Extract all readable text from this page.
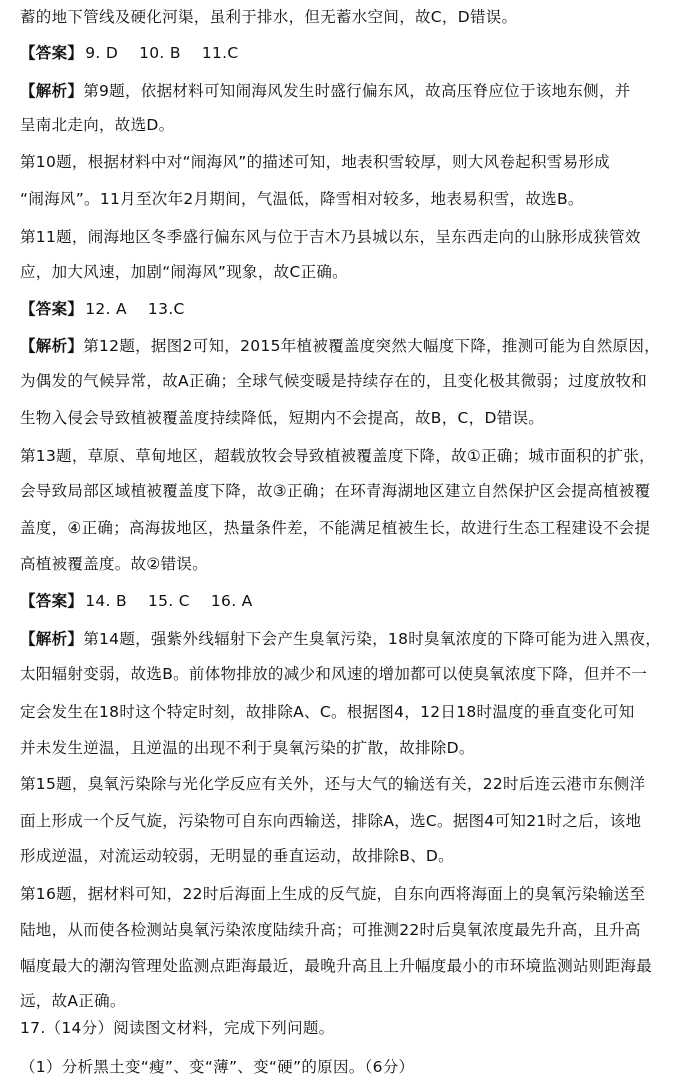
蓄的地下管线及硬化河渠，虽利于排水，但无蓄水空间，故C，D错误。
【答案】 9. D　 10. B　 11.C
【解析】第9题，依据材料可知闹海风发生时盛行偏东风，故高压脊应位于该地东侧，并
呈南北走向，故选D。
第10题，根据材料中对“闹海风”的描述可知，地表积雪较厚，则大风卷起积雪易形成
“闹海风”。11月至次年2月期间，气温低，降雪相对较多，地表易积雪，故选B。
第11题，闹海地区冬季盛行偏东风与位于吉木乃县城以东，呈东西走向的山脉形成狭管效
应，加大风速，加剧“闹海风”现象，故C正确。
【答案】 12. A　 13.C
【解析】第12题，据图2可知，2015年植被覆盖度突然大幅度下降，推测可能为自然原因，
为偶发的气候异常，故A正确；全球气候变暖是持续存在的，且变化极其微弱；过度放牧和
生物入侵会导致植被覆盖度持续降低，短期内不会提高，故B，C，D错误。
第13题，草原、草甸地区，超载放牧会导致植被覆盖度下降，故①正确；城市面积的扩张，
会导致局部区域植被覆盖度下降，故③正确；在环青海湖地区建立自然保护区会提高植被覆
盖度，④正确；高海拔地区，热量条件差，不能满足植被生长，故进行生态工程建设不会提
高植被覆盖度。故②错误。
【答案】 14. B　 15. C　 16. A
【解析】第14题，强紫外线辐射下会产生臭氧污染，18时臭氧浓度的下降可能为进入黑夜，
太阳辐射变弱，故选B。前体物排放的减少和风速的增加都可以使臭氧浓度下降，但并不一
定会发生在18时这个特定时刻，故排除A、C。根据图4，12日18时温度的垂直变化可知
并未发生逆温，且逆温的出现不利于臭氧污染的扩散，故排除D。
第15题，臭氧污染除与光化学反应有关外，还与大气的输送有关，22时后连云港市东侧洋
面上形成一个反气旋，污染物可自东向西输送，排除A，选C。据图4可知21时之后，该地
形成逆温，对流运动较弱，无明显的垂直运动，故排除B、D。
第16题，据材料可知，22时后海面上生成的反气旋，自东向西将海面上的臭氧污染输送至
陆地，从而使各检测站臭氧污染浓度陆续升高；可推测22时后臭氧浓度最先升高，且升高
幅度最大的潮沟管理处监测点距海最近，最晚升高且上升幅度最小的市环境监测站则距海最
远，故A正确。
17.（14分）阅读图文材料，完成下列问题。
（1）分析黑土变“瘦”、变“薄”、变“硬”的原因。（6分）
